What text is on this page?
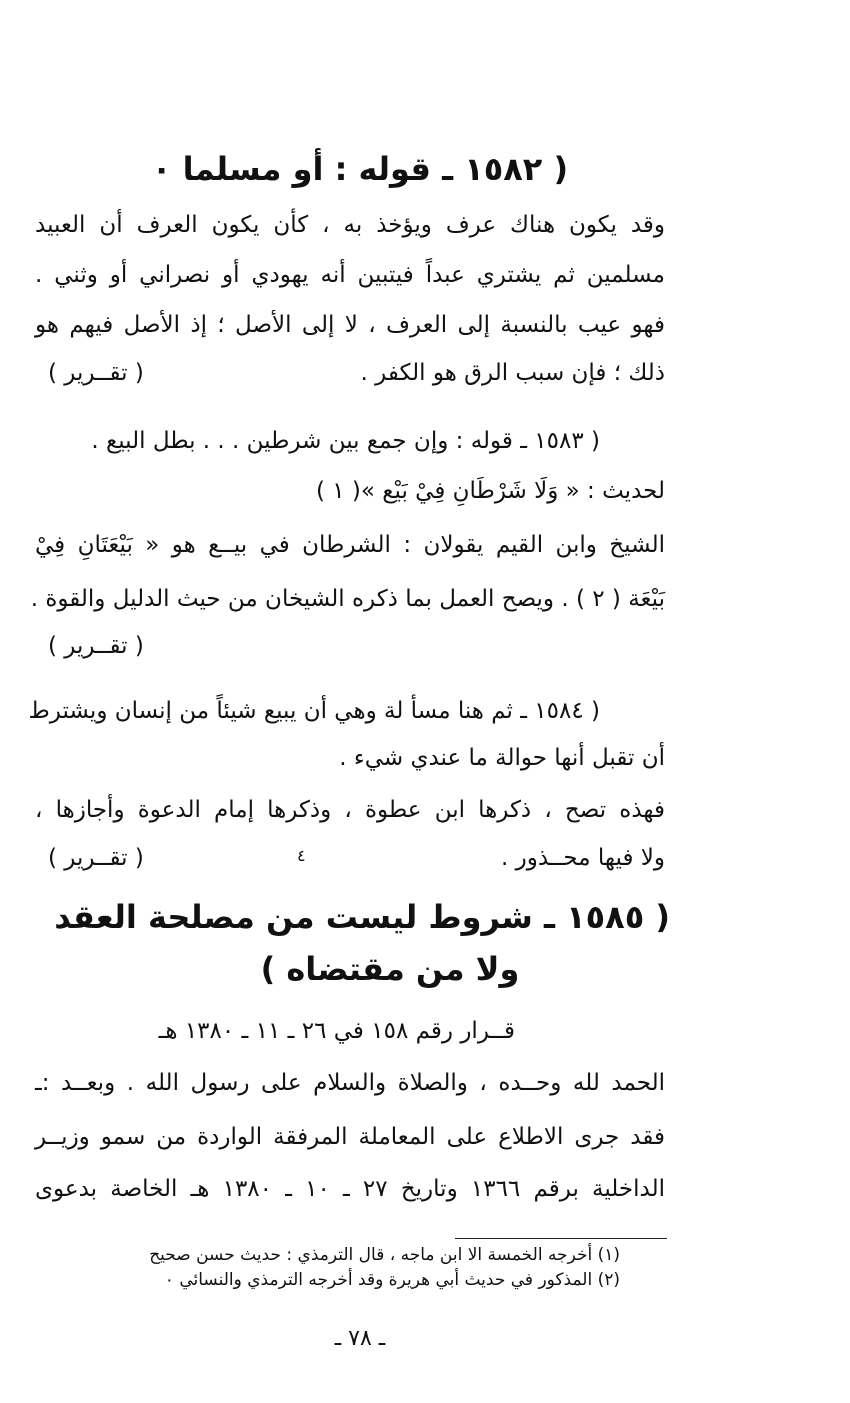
( ١٥٨٢ ـ قوله : أو مسلما ‎٠
وقد يكون هناك عرف ويؤخذ به ، كأن يكون العرف أن العبيد
مسلمين ثم يشتري عبداً فيتبين أنه يهودي أو نصراني أو وثني .
فهو عيب بالنسبة إلى العرف ، لا إلى الأصل ؛ إذ الأصل فيهم هو
ذلك ؛ فإن سبب الرق هو الكفر .
( تقــرير )
( ١٥٨٣ ـ قوله : وإن جمع بين شرطين . . . بطل البيع .
لحديث : « وَلَا شَرْطَانِ فِيْ بَيْع »( ١ )
الشيخ وابن القيم يقولان : الشرطان في بيــع هو « بَيْعَتَانِ فِيْ
بَيْعَة ( ٢ ) . ويصح العمل بما ذكره الشيخان من حيث الدليل والقوة .
( تقــرير )
( ١٥٨٤ ـ ثم هنا مسأ لة وهي أن يبيع شيئاً من إنسان ويشترط
أن تقبل أنها حوالة ما عندي شيء .
فهذه تصح ، ذكرها ابن عطوة ، وذكرها إمام الدعوة وأجازها ،
ولا فيها محــذور .
٤
( تقــرير )
( ١٥٨٥ ـ شروط ليست من مصلحة العقد
ولا من مقتضاه )
قــرار رقم ١٥٨ في ٢٦ ـ ١١ ـ ١٣٨٠ هـ
الحمد لله وحــده ، والصلاة والسلام على رسول الله . وبعــد :ـ
فقد جرى الاطلاع على المعاملة المرفقة الواردة من سمو وزيــر
الداخلية برقم ١٣٦٦ وتاريخ ٢٧ ـ ١٠ ـ ١٣٨٠ هـ الخاصة بدعوى
(١) أخرجه الخمسة الا ابن ماجه ، قال الترمذي : حديث حسن صحيح
(٢) المذكور في حديث أبي هريرة وقد أخرجه الترمذي والنسائي ‎٠
ـ ٧٨ ـ
